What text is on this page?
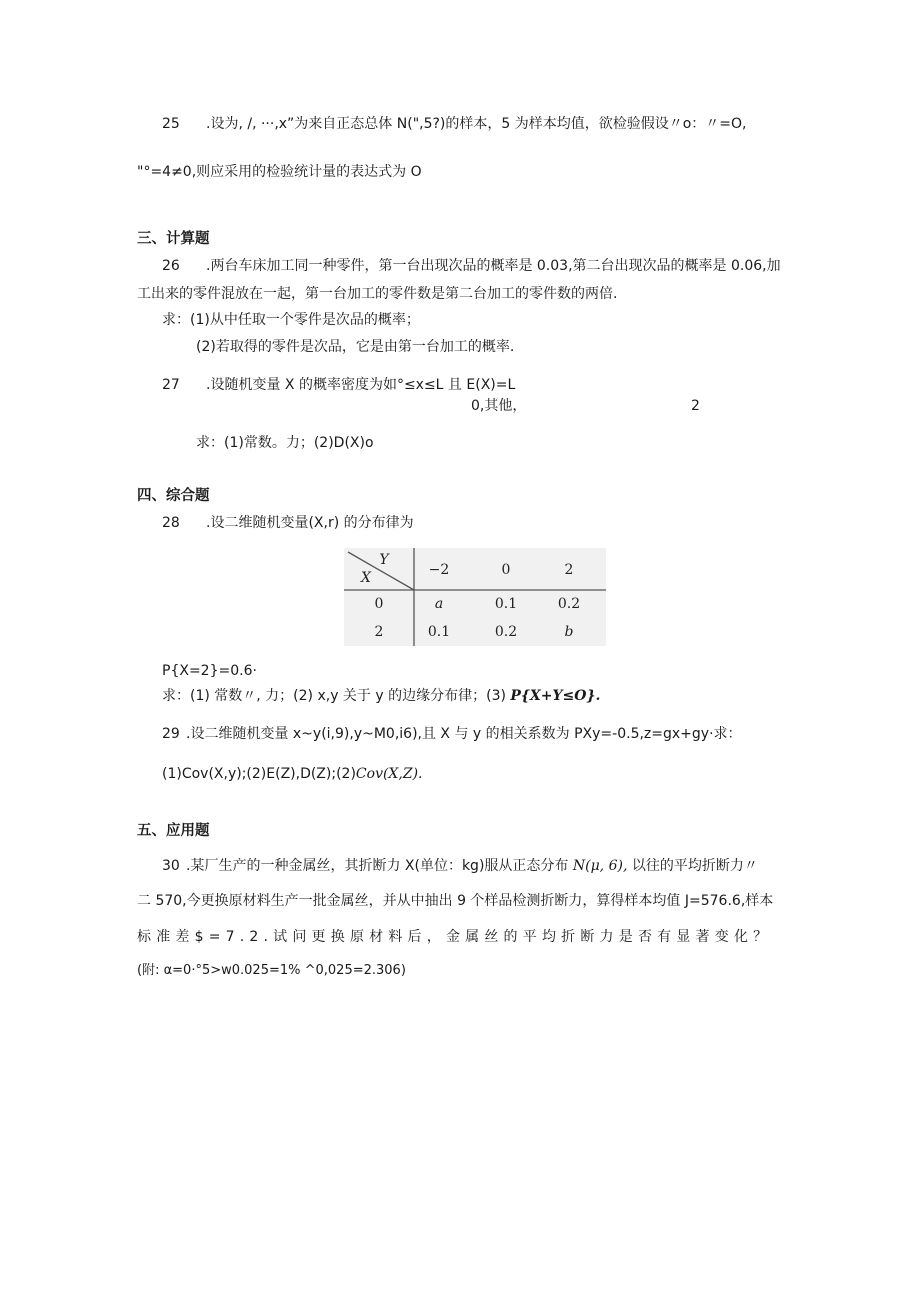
25 .设为, /, ···,x”为来自正态总体 N(",5?)的样本，5 为样本均值，欲检验假设〃o：〃=O,
"°=4≠0,则应采用的检验统计量的表达式为 O
三、计算题
26 .两台车床加工同一种零件，第一台出现次品的概率是 0.03,第二台出现次品的概率是 0.06,加
工出来的零件混放在一起，第一台加工的零件数是第二台加工的零件数的两倍.
求：(1)从中任取一个零件是次品的概率；
(2)若取得的零件是次品，它是由第一台加工的概率.
27 .设随机变量 X 的概率密度为如°≤x≤L 且 E(X)=L
0,其他，	2
求：(1)常数。力；(2)D(X)o
四、综合题
28 .设二维随机变量(X,r) 的分布律为
Y
X	−2	0	2
0	a	0.1	0.2
2	0.1	0.2	b
P{X=2}=0.6·
求：(1) 常数〃, 力；(2) x,y 关于 y 的边缘分布律；(3) P{X+Y≤O}.
29 .设二维随机变量 x~y(i,9),y~M0,i6),且 X 与 y 的相关系数为 PXy=-0.5,z=gx+gy·求：
(1)Cov(X,y);(2)E(Z),D(Z);(2)Cov(X,Z).
五、应用题
30 .某厂生产的一种金属丝，其折断力 X(单位：kg)服从正态分布 N(μ, 6), 以往的平均折断力〃
二 570,今更换原材料生产一批金属丝，并从中抽出 9 个样品检测折断力，算得样本均值 J=576.6,样本
标准差$=7.2.试问更换原材料后，金属丝的平均折断力是否有显著变化？
(附: α=0·°5>w0.025=1% ^0,025=2.306)
